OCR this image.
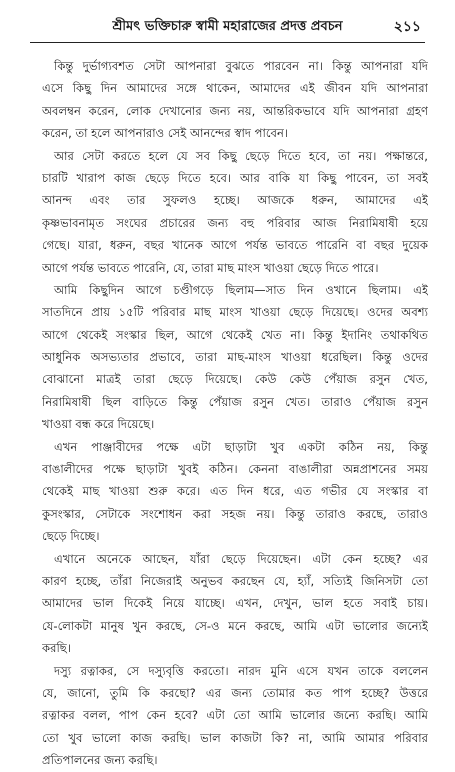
শ্রীমৎ ভক্তিচারু স্বামী মহারাজের প্রদত্ত প্রবচন	২১১
কিন্তু দুর্ভাগ্যবশত সেটা আপনারা বুঝতে পারবেন না। কিন্তু আপনারা যদি
এসে কিছু দিন আমাদের সঙ্গে থাকেন, আমাদের এই জীবন যদি আপনারা
অবলম্বন করেন, লোক দেখানোর জন্য নয়, আন্তরিকভাবে যদি আপনারা গ্রহণ
করেন, তা হলে আপনারাও সেই আনন্দের স্বাদ পাবেন।
আর সেটা করতে হলে যে সব কিছু ছেড়ে দিতে হবে, তা নয়। পক্ষান্তরে,
চারটি খারাপ কাজ ছেড়ে দিতে হবে। আর বাকি যা কিছু পাবেন, তা সবই
আনন্দ এবং তার সুফলও হচ্ছে। আজকে ধরুন, আমাদের এই
কৃষ্ণভাবনামৃত সংঘের প্রচারের জন্য বহু পরিবার আজ নিরামিষাষী হয়ে
গেছে। যারা, ধরুন, বছর খানেক আগে পর্যন্ত ভাবতে পারেনি বা বছর দুয়েক
আগে পর্যন্ত ভাবতে পারেনি, যে, তারা মাছ মাংস খাওয়া ছেড়ে দিতে পারে।
আমি কিছুদিন আগে চণ্ডীগড়ে ছিলাম—সাত দিন ওখানে ছিলাম। এই
সাতদিনে প্রায় ১৫টি পরিবার মাছ মাংস খাওয়া ছেড়ে দিয়েছে। ওদের অবশ্য
আগে থেকেই সংস্কার ছিল, আগে থেকেই খেত না। কিন্তু ইদানিং তথাকথিত
আধুনিক অসভ্যতার প্রভাবে, তারা মাছ-মাংস খাওয়া ধরেছিল। কিন্তু ওদের
বোঝানো মাত্রই তারা ছেড়ে দিয়েছে। কেউ কেউ পেঁয়াজ রসুন খেত,
নিরামিষাষী ছিল বাড়িতে কিন্তু পেঁয়াজ রসুন খেত। তারাও পেঁয়াজ রসুন
খাওয়া বন্ধ করে দিয়েছে।
এখন পাঞ্জাবীদের পক্ষে এটা ছাড়াটা খুব একটা কঠিন নয়, কিন্তু
বাঙালীদের পক্ষে ছাড়াটা খুবই কঠিন। কেননা বাঙালীরা অন্নপ্রাশনের সময়
থেকেই মাছ খাওয়া শুরু করে। এত দিন ধরে, এত গভীর যে সংস্কার বা
কুসংস্কার, সেটাকে সংশোধন করা সহজ নয়। কিন্তু তারাও করছে, তারাও
ছেড়ে দিচ্ছে।
এখানে অনেকে আছেন, যাঁরা ছেড়ে দিয়েছেন। এটা কেন হচ্ছে? এর
কারণ হচ্ছে, তাঁরা নিজেরাই অনুভব করছেন যে, হ্যাঁ, সত্যিই জিনিসটা তো
আমাদের ভাল দিকেই নিয়ে যাচ্ছে। এখন, দেখুন, ভাল হতে সবাই চায়।
যে-লোকটা মানুষ খুন করছে, সে-ও মনে করছে, আমি এটা ভালোর জন্যেই
করছি।
দস্যু রত্নাকর, সে দস্যুবৃত্তি করতো। নারদ মুনি এসে যখন তাকে বললেন
যে, জানো, তুমি কি করছো? এর জন্য তোমার কত পাপ হচ্ছে? উত্তরে
রত্নাকর বলল, পাপ কেন হবে? এটা তো আমি ভালোর জন্যে করছি। আমি
তো খুব ভালো কাজ করছি। ভাল কাজটা কি? না, আমি আমার পরিবার
প্রতিপালনের জন্য করছি।
